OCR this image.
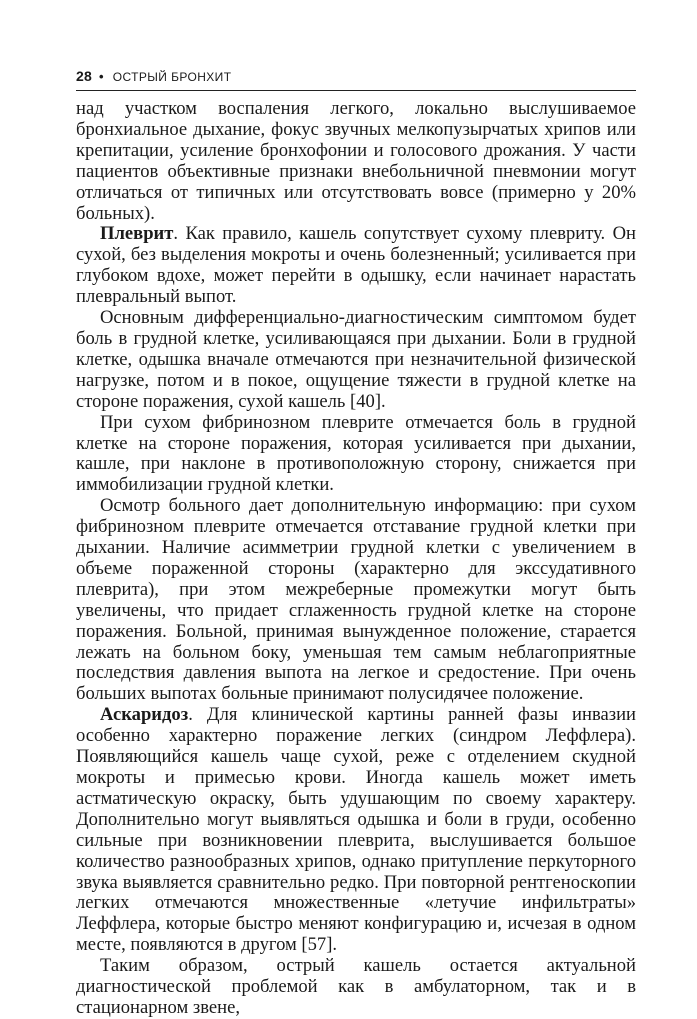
28 • ОСТРЫЙ БРОНХИТ

над участком воспаления легкого, локально выслушиваемое бронхиальное дыхание, фокус звучных мелкопузырчатых хрипов или крепитации, усиление бронхофонии и голосового дрожания. У части пациентов объективные признаки внебольничной пневмонии могут отличаться от типичных или отсутствовать вовсе (примерно у 20% больных).

Плеврит. Как правило, кашель сопутствует сухому плевриту. Он сухой, без выделения мокроты и очень болезненный; усиливается при глубоком вдохе, может перейти в одышку, если начинает нарастать плевральный выпот.

Основным дифференциально-диагностическим симптомом будет боль в грудной клетке, усиливающаяся при дыхании. Боли в грудной клетке, одышка вначале отмечаются при незначительной физической нагрузке, потом и в покое, ощущение тяжести в грудной клетке на стороне поражения, сухой кашель [40].

При сухом фибринозном плеврите отмечается боль в грудной клетке на стороне поражения, которая усиливается при дыхании, кашле, при наклоне в противоположную сторону, снижается при иммобилизации грудной клетки.

Осмотр больного дает дополнительную информацию: при сухом фибринозном плеврите отмечается отставание грудной клетки при дыхании. Наличие асимметрии грудной клетки с увеличением в объеме пораженной стороны (характерно для экссудативного плеврита), при этом межреберные промежутки могут быть увеличены, что придает сглаженность грудной клетке на стороне поражения. Больной, принимая вынужденное положение, старается лежать на больном боку, уменьшая тем самым неблагоприятные последствия давления выпота на легкое и средостение. При очень больших выпотах больные принимают полусидячее положение.

Аскаридоз. Для клинической картины ранней фазы инвазии особенно характерно поражение легких (синдром Леффлера). Появляющийся кашель чаще сухой, реже с отделением скудной мокроты и примесью крови. Иногда кашель может иметь астматическую окраску, быть удушающим по своему характеру. Дополнительно могут выявляться одышка и боли в груди, особенно сильные при возникновении плеврита, выслушивается большое количество разнообразных хрипов, однако притупление перкуторного звука выявляется сравнительно редко. При повторной рентгеноскопии легких отмечаются множественные «летучие инфильтраты» Леффлера, которые быстро меняют конфигурацию и, исчезая в одном месте, появляются в другом [57].

Таким образом, острый кашель остается актуальной диагностической проблемой как в амбулаторном, так и в стационарном звене,
